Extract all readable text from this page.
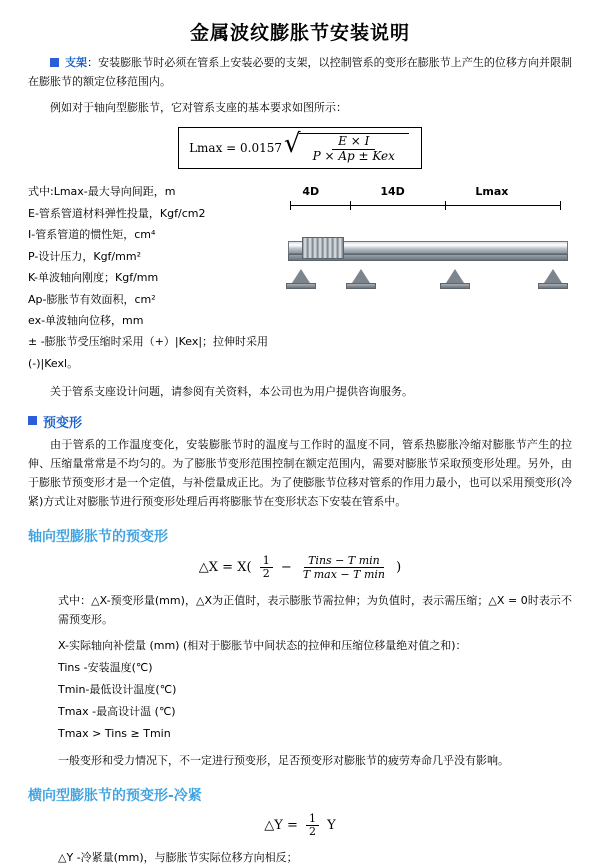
金属波纹膨胀节安装说明

支架：安装膨胀节时必须在管系上安装必要的支架，以控制管系的变形在膨胀节上产生的位移方向并限制在膨胀节的额定位移范围内。

例如对于轴向型膨胀节，它对管系支座的基本要求如图所示：

Lmax = 0.0157 √ $\frac{E \times I}{\text{P × Ap ± Kex}}$
式中:Lmax-最大导向间距，m
E-管系管道材料弹性投量，Kgf/cm2
I-管系管道的惯性矩，cm⁴
P-设计压力，Kgf/mm²
K-单波轴向刚度；Kgf/mm
Ap-膨胀节有效面积，cm²
ex-单波轴向位移，mm
± -膨胀节受压缩时采用（+）|Kex|；拉伸时采用(-)|Kexl。
4D	14D	Lmax

关于管系支座设计问题，请参阅有关资料，本公司也为用户提供咨询服务。

预变形

由于管系的工作温度变化，安装膨胀节时的温度与工作时的温度不同，管系热膨胀冷缩对膨胀节产生的拉伸、压缩量常常是不均匀的。为了膨胀节变形范围控制在额定范围内，需要对膨胀节采取预变形处理。另外，由于膨胀节预变形才是一个定值，与补偿量成正比。为了使膨胀节位移对管系的作用力最小，也可以采用预变形(冷紧)方式让对膨胀节进行预变形处理后再将膨胀节在变形状态下安装在管系中。

轴向型膨胀节的预变形
△X = $X( \frac{1}{2} - \frac{\text{Tins − T min}}{\text{T max − T min}}$ )

式中：△X-预变形量(mm)，△X为正值时，表示膨胀节需拉伸；为负值时，表示需压缩；△X = 0时表示不需预变形。

X-实际轴向补偿量 (mm) (相对于膨胀节中间状态的拉伸和压缩位移量绝对值之和)：
Tins -安装温度(℃)
Tmin-最低设计温度(℃)
Tmax -最高设计温 (℃)
Tmax > Tins ≥ Tmin

一般变形和受力情况下，不一定进行预变形，足否预变形对膨胀节的疲劳寿命几乎没有影响。

横向型膨胀节的预变形-冷紧
△Y = $\frac{1}{2}$ Y

△Y -冷紧量(mm)，与膨胀节实际位移方向相反；
